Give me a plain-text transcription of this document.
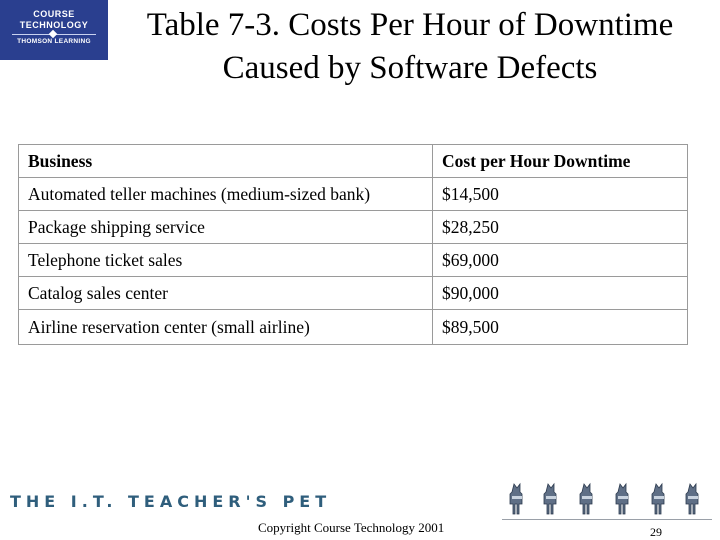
COURSE
TECHNOLOGY
THOMSON LEARNING	Table 7-3. Costs Per Hour of Downtime
Caused by Software Defects
Business	Cost per Hour Downtime
Automated teller machines (medium-sized bank)	$14,500
Package shipping service	$28,250
Telephone ticket sales	$69,000
Catalog sales center	$90,000
Airline reservation center (small airline)	$89,500
THE I.T. TEACHER'S PET
Copyright Course Technology 2001	29
